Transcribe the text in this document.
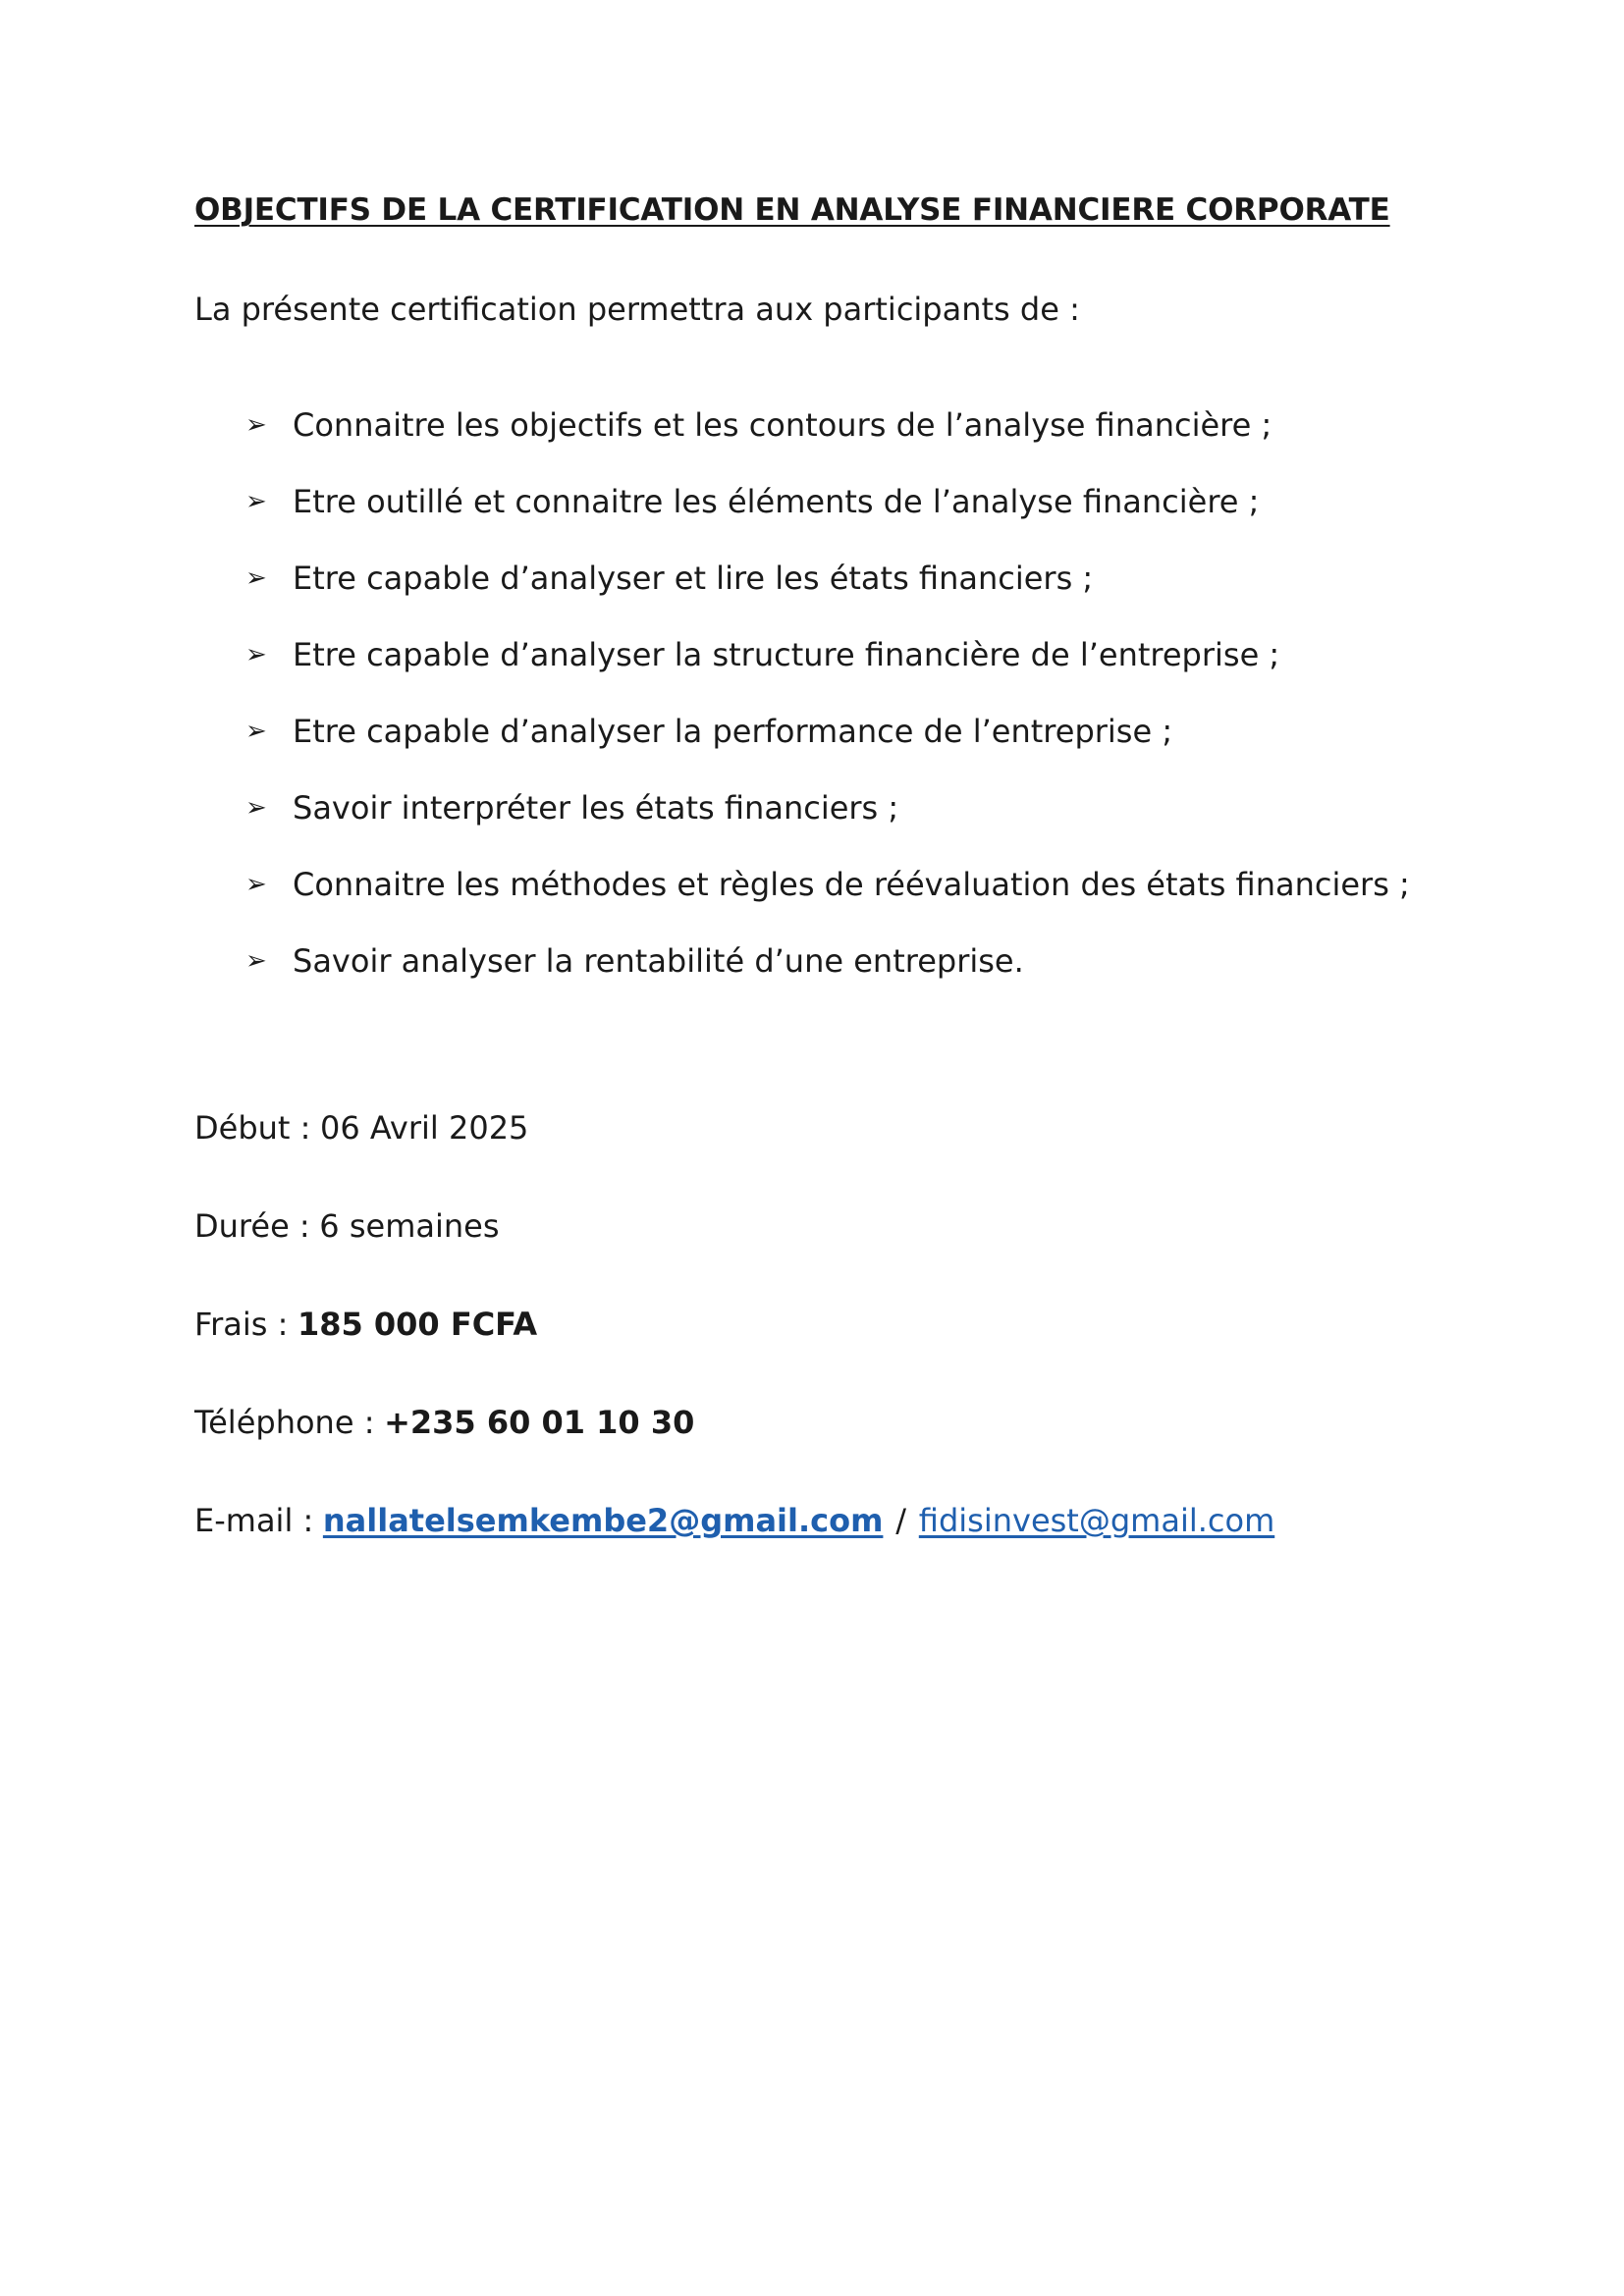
OBJECTIFS DE LA CERTIFICATION EN ANALYSE FINANCIERE CORPORATE

La présente certification permettra aux participants de :

➢ Connaitre les objectifs et les contours de l’analyse financière ;
➢ Etre outillé et connaitre les éléments de l’analyse financière ;
➢ Etre capable d’analyser et lire les états financiers ;
➢ Etre capable d’analyser la structure financière de l’entreprise ;
➢ Etre capable d’analyser la performance de l’entreprise ;
➢ Savoir interpréter les états financiers ;
➢ Connaitre les méthodes et règles de réévaluation des états financiers ;
➢ Savoir analyser la rentabilité d’une entreprise.
Début : 06 Avril 2025
Durée : 6 semaines
Frais : 185 000 FCFA
Téléphone : +235 60 01 10 30
E-mail : nallatelsemkembe2@gmail.com / fidisinvest@gmail.com
